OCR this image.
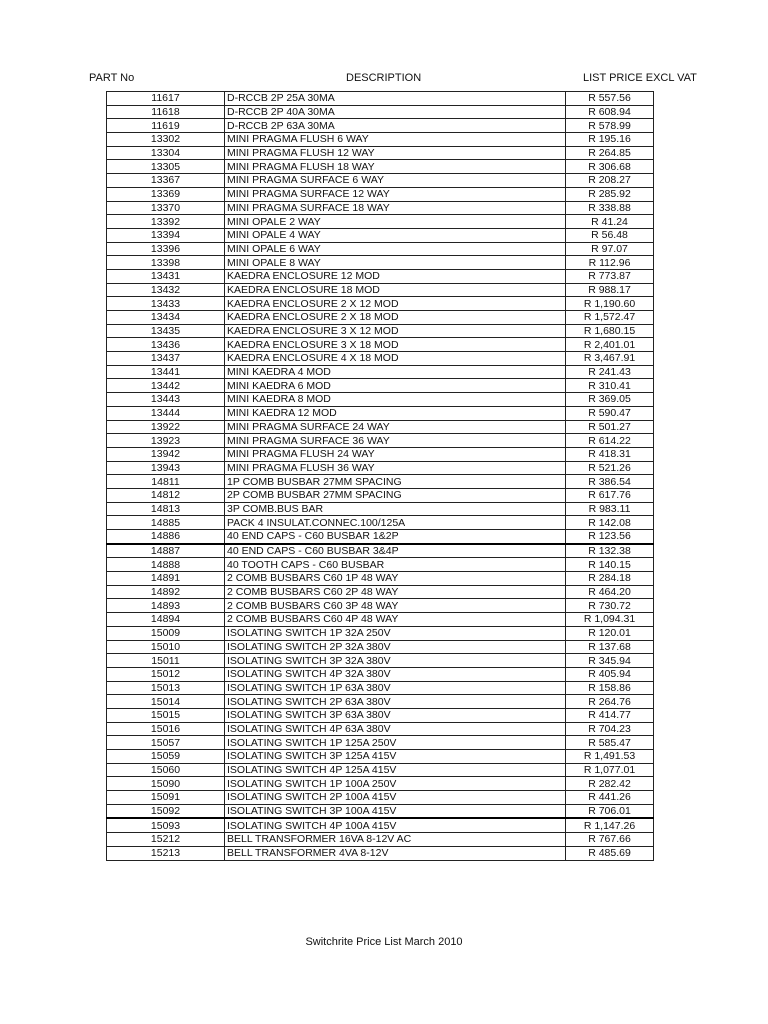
PART No	DESCRIPTION	LIST PRICE EXCL VAT
11617	D-RCCB 2P 25A 30MA	R 557.56
11618	D-RCCB 2P 40A 30MA	R 608.94
11619	D-RCCB 2P 63A 30MA	R 578.99
13302	MINI PRAGMA FLUSH 6 WAY	R 195.16
13304	MINI PRAGMA FLUSH 12 WAY	R 264.85
13305	MINI PRAGMA FLUSH 18 WAY	R 306.68
13367	MINI PRAGMA SURFACE 6 WAY	R 208.27
13369	MINI PRAGMA SURFACE 12 WAY	R 285.92
13370	MINI PRAGMA SURFACE 18 WAY	R 338.88
13392	MINI OPALE 2 WAY	R 41.24
13394	MINI OPALE 4 WAY	R 56.48
13396	MINI OPALE 6 WAY	R 97.07
13398	MINI OPALE 8 WAY	R 112.96
13431	KAEDRA ENCLOSURE 12 MOD	R 773.87
13432	KAEDRA ENCLOSURE 18 MOD	R 988.17
13433	KAEDRA ENCLOSURE 2 X 12 MOD	R 1,190.60
13434	KAEDRA ENCLOSURE 2 X 18 MOD	R 1,572.47
13435	KAEDRA ENCLOSURE 3 X 12 MOD	R 1,680.15
13436	KAEDRA ENCLOSURE 3 X 18 MOD	R 2,401.01
13437	KAEDRA ENCLOSURE 4 X 18 MOD	R 3,467.91
13441	MINI KAEDRA 4 MOD	R 241.43
13442	MINI KAEDRA 6 MOD	R 310.41
13443	MINI KAEDRA 8 MOD	R 369.05
13444	MINI KAEDRA 12 MOD	R 590.47
13922	MINI PRAGMA SURFACE 24 WAY	R 501.27
13923	MINI PRAGMA SURFACE 36 WAY	R 614.22
13942	MINI PRAGMA FLUSH 24 WAY	R 418.31
13943	MINI PRAGMA FLUSH 36 WAY	R 521.26
14811	1P COMB BUSBAR 27MM SPACING	R 386.54
14812	2P COMB BUSBAR 27MM SPACING	R 617.76
14813	3P COMB.BUS BAR	R 983.11
14885	PACK 4 INSULAT.CONNEC.100/125A	R 142.08
14886	40 END CAPS - C60 BUSBAR 1&2P	R 123.56
14887	40 END CAPS - C60 BUSBAR 3&4P	R 132.38
14888	40 TOOTH CAPS - C60 BUSBAR	R 140.15
14891	2 COMB BUSBARS C60 1P 48 WAY	R 284.18
14892	2 COMB BUSBARS C60 2P 48 WAY	R 464.20
14893	2 COMB BUSBARS C60 3P 48 WAY	R 730.72
14894	2 COMB BUSBARS C60 4P 48 WAY	R 1,094.31
15009	ISOLATING SWITCH 1P 32A 250V	R 120.01
15010	ISOLATING SWITCH 2P 32A 380V	R 137.68
15011	ISOLATING SWITCH 3P 32A 380V	R 345.94
15012	ISOLATING SWITCH 4P 32A 380V	R 405.94
15013	ISOLATING SWITCH 1P 63A 380V	R 158.86
15014	ISOLATING SWITCH 2P 63A 380V	R 264.76
15015	ISOLATING SWITCH 3P 63A 380V	R 414.77
15016	ISOLATING SWITCH 4P 63A 380V	R 704.23
15057	ISOLATING SWITCH 1P 125A 250V	R 585.47
15059	ISOLATING SWITCH 3P 125A 415V	R 1,491.53
15060	ISOLATING SWITCH 4P 125A 415V	R 1,077.01
15090	ISOLATING SWITCH 1P 100A 250V	R 282.42
15091	ISOLATING SWITCH 2P 100A 415V	R 441.26
15092	ISOLATING SWITCH 3P 100A 415V	R 706.01
15093	ISOLATING SWITCH 4P 100A 415V	R 1,147.26
15212	BELL TRANSFORMER 16VA 8-12V AC	R 767.66
15213	BELL TRANSFORMER 4VA 8-12V	R 485.69
Switchrite Price List March 2010
